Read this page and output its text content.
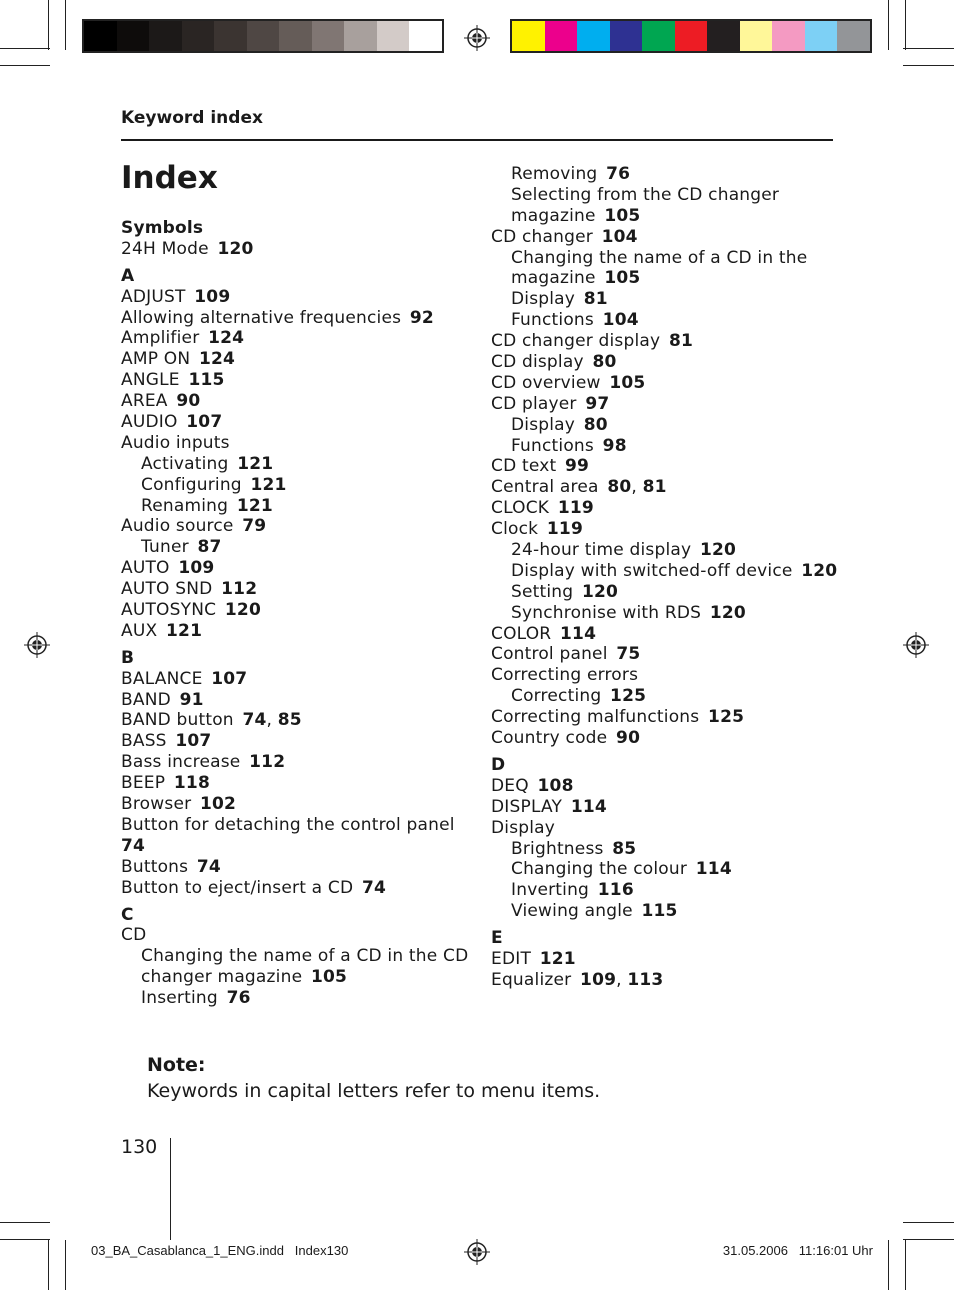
Keyword index
Index
Symbols
24H Mode 120
A
ADJUST 109
Allowing alternative frequencies 92
Amplifier 124
AMP ON 124
ANGLE 115
AREA 90
AUDIO 107
Audio inputs
Activating 121
Configuring 121
Renaming 121
Audio source 79
Tuner 87
AUTO 109
AUTO SND 112
AUTOSYNC 120
AUX 121
B
BALANCE 107
BAND 91
BAND button 74, 85
BASS 107
Bass increase 112
BEEP 118
Browser 102
Button for detaching the control panel
74
Buttons 74
Button to eject/insert a CD 74
C
CD
Changing the name of a CD in the CD
changer magazine 105
Inserting 76
Removing 76
Selecting from the CD changer
magazine 105
CD changer 104
Changing the name of a CD in the
magazine 105
Display 81
Functions 104
CD changer display 81
CD display 80
CD overview 105
CD player 97
Display 80
Functions 98
CD text 99
Central area 80, 81
CLOCK 119
Clock 119
24-hour time display 120
Display with switched-off device 120
Setting 120
Synchronise with RDS 120
COLOR 114
Control panel 75
Correcting errors
Correcting 125
Correcting malfunctions 125
Country code 90
D
DEQ 108
DISPLAY 114
Display
Brightness 85
Changing the colour 114
Inverting 116
Viewing angle 115
E
EDIT 121
Equalizer 109, 113
Note:
Keywords in capital letters refer to menu items.
130
03_BA_Casablanca_1_ENG.indd   Index130	31.05.2006   11:16:01 Uhr
